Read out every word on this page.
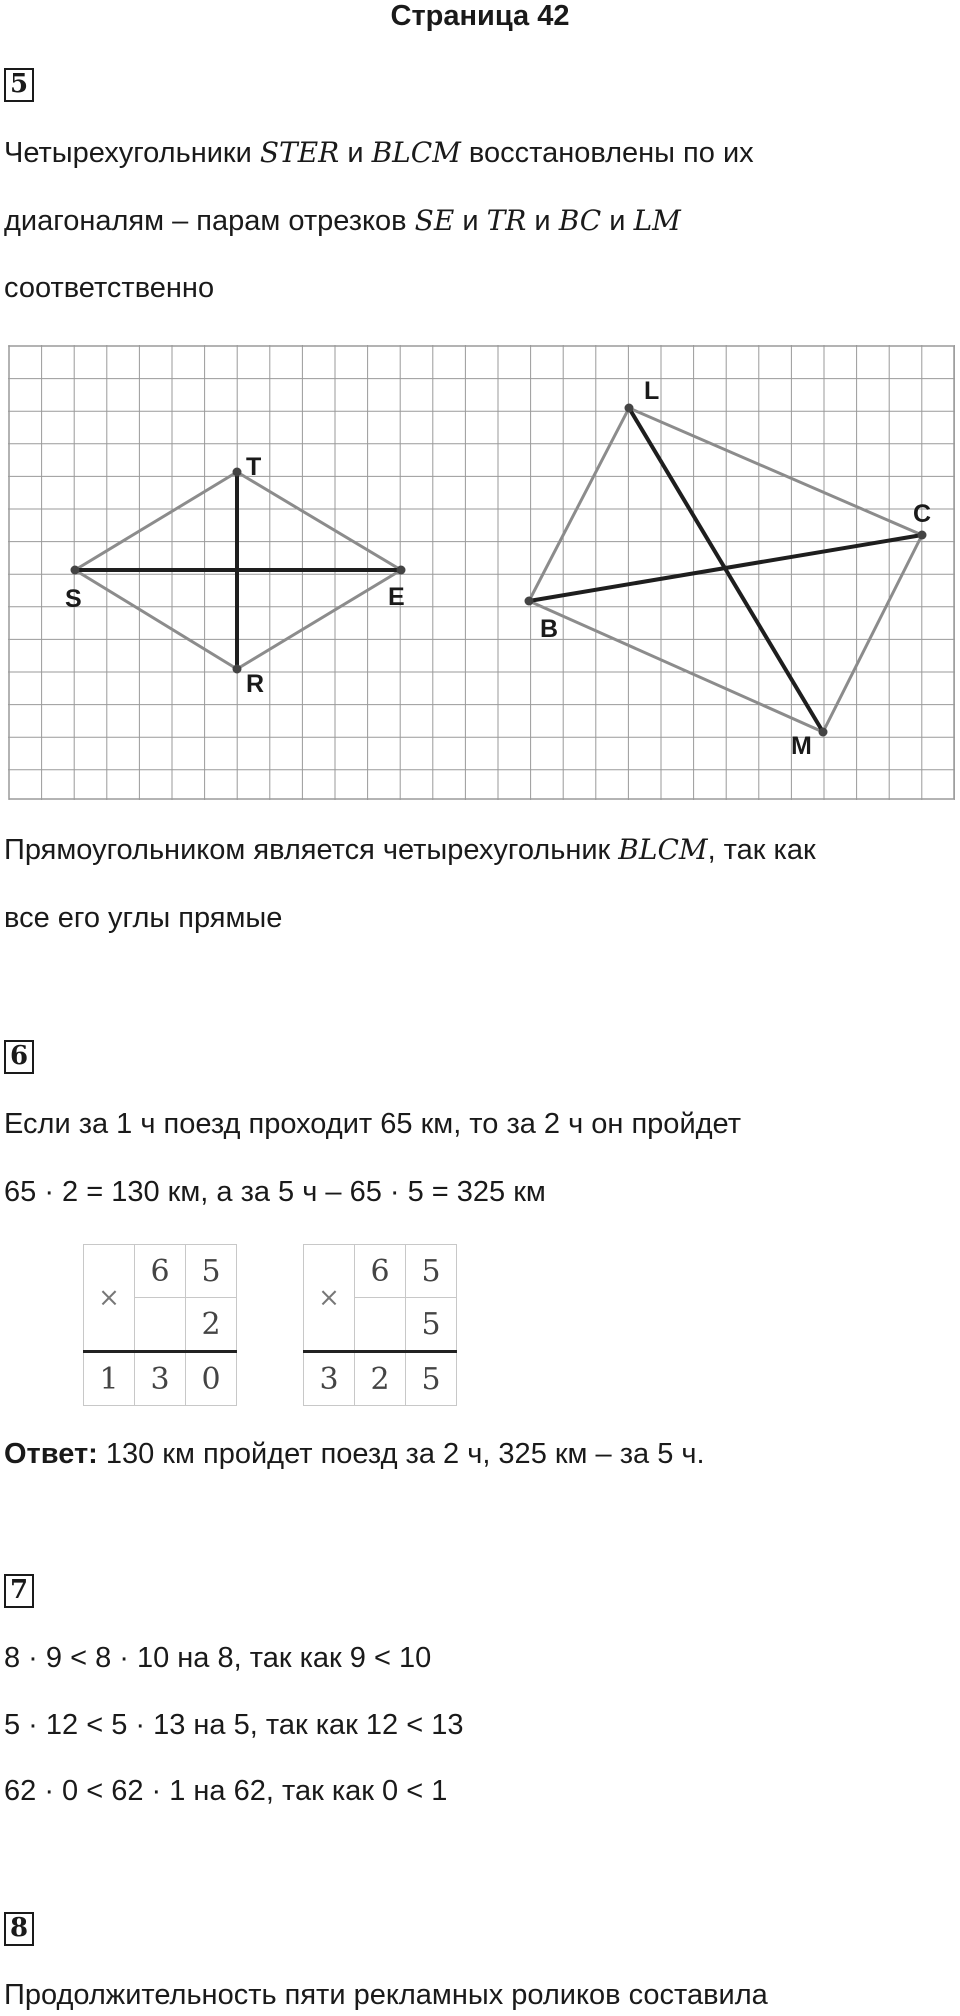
Страница 42
5
Четырехугольники STER и BLCM восстановлены по их
диагоналям – парам отрезков SE и TR и BC и LM
соответственно
S
T
E
R
B
L
C
M
Прямоугольником является четырехугольник BLCM, так как
все его углы прямые
6
Если за 1 ч поезд проходит 65 км, то за 2 ч он пройдет
65 · 2 = 130 км, а за 5 ч – 65 · 5 = 325 км
×	6	5
		2
1	3	0
×	6	5
		5
3	2	5
Ответ: 130 км пройдет поезд за 2 ч, 325 км – за 5 ч.
7
8 · 9 < 8 · 10 на 8, так как 9 < 10
5 · 12 < 5 · 13 на 5, так как 12 < 13
62 · 0 < 62 · 1 на 62, так как 0 < 1
8
Продолжительность пяти рекламных роликов составила
